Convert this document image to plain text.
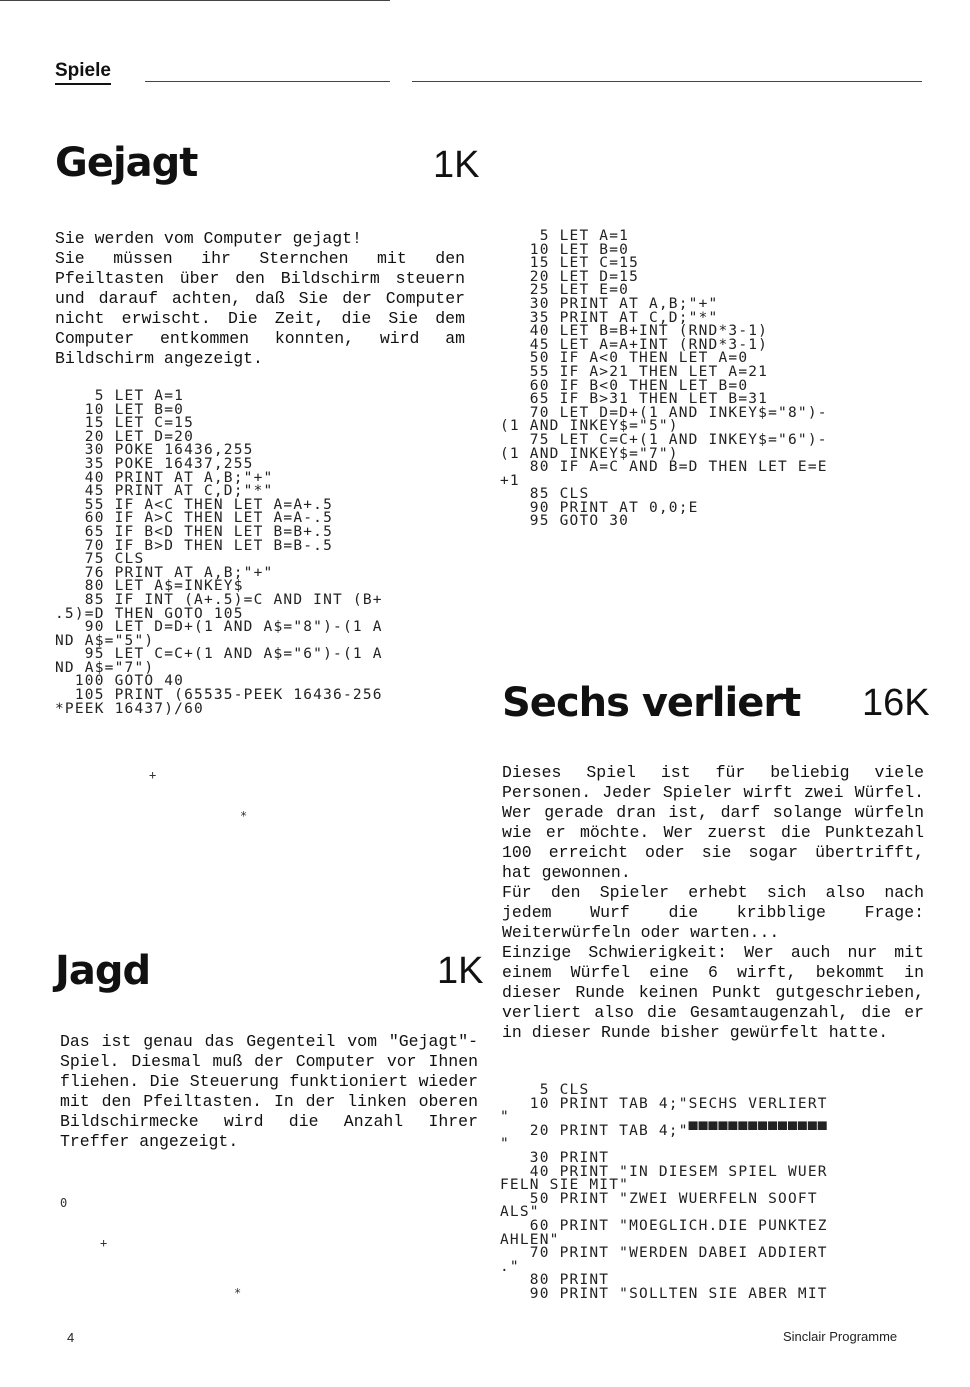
Spiele
Gejagt	1K
Sie werden vom Computer gejagt!
Sie müssen ihr Sternchen mit den Pfeiltasten über den Bildschirm steuern und darauf achten, daß Sie der Computer nicht erwischt. Die Zeit, die Sie dem Computer entkommen konnten, wird am Bildschirm angezeigt.
5 LET A=1
10 LET B=0
15 LET C=15
20 LET D=20
30 POKE 16436,255
35 POKE 16437,255
40 PRINT AT A,B;"+"
45 PRINT AT C,D;"*"
55 IF A<C THEN LET A=A+.5
60 IF A>C THEN LET A=A-.5
65 IF B<D THEN LET B=B+.5
70 IF B>D THEN LET B=B-.5
75 CLS
76 PRINT AT A,B;"+"
80 LET A$=INKEY$
85 IF INT (A+.5)=C AND INT (B+
.5)=D THEN GOTO 105
90 LET D=D+(1 AND A$="8")-(1 A
ND A$="5")
95 LET C=C+(1 AND A$="6")-(1 A
ND A$="7")
100 GOTO 40
105 PRINT (65535-PEEK 16436-256
*PEEK 16437)/60
+
*
Jagd	1K
Das ist genau das Gegenteil vom "Gejagt"-Spiel. Diesmal muß der Computer vor Ihnen fliehen. Die Steuerung funktioniert wieder mit den Pfeiltasten. In der linken oberen Bildschirmecke wird die Anzahl Ihrer Treffer angezeigt.
0
+
*
5 LET A=1
10 LET B=0
15 LET C=15
20 LET D=15
25 LET E=0
30 PRINT AT A,B;"+"
35 PRINT AT C,D;"*"
40 LET B=B+INT (RND*3-1)
45 LET A=A+INT (RND*3-1)
50 IF A<0 THEN LET A=0
55 IF A>21 THEN LET A=21
60 IF B<0 THEN LET B=0
65 IF B>31 THEN LET B=31
70 LET D=D+(1 AND INKEY$="8")-
(1 AND INKEY$="5")
75 LET C=C+(1 AND INKEY$="6")-
(1 AND INKEY$="7")
80 IF A=C AND B=D THEN LET E=E
+1
85 CLS
90 PRINT AT 0,0;E
95 GOTO 30
Sechs verliert 16K
Dieses Spiel ist für beliebig viele Personen. Jeder Spieler wirft zwei Würfel. Wer gerade dran ist, darf solange würfeln wie er möchte. Wer zuerst die Punktezahl 100 erreicht oder sie sogar übertrifft, hat gewonnen.
Für den Spieler erhebt sich also nach jedem Wurf die kribblige Frage: Weiterwürfeln oder warten...
Einzige Schwierigkeit: Wer auch nur mit einem Würfel eine 6 wirft, bekommt in dieser Runde keinen Punkt gutgeschrieben, verliert also die Gesamtaugenzahl, die er in dieser Runde bisher gewürfelt hatte.
5 CLS
10 PRINT TAB 4;"SECHS VERLIERT
"
20 PRINT TAB 4;"▀▀▀▀▀▀▀▀▀▀▀▀▀▀
"
30 PRINT
40 PRINT "IN DIESEM SPIEL WUER
FELN SIE MIT"
50 PRINT "ZWEI WUERFELN SOOFT
ALS"
60 PRINT "MOEGLICH.DIE PUNKTEZ
AHLEN"
70 PRINT "WERDEN DABEI ADDIERT
."
80 PRINT
90 PRINT "SOLLTEN SIE ABER MIT
4	Sinclair Programme
